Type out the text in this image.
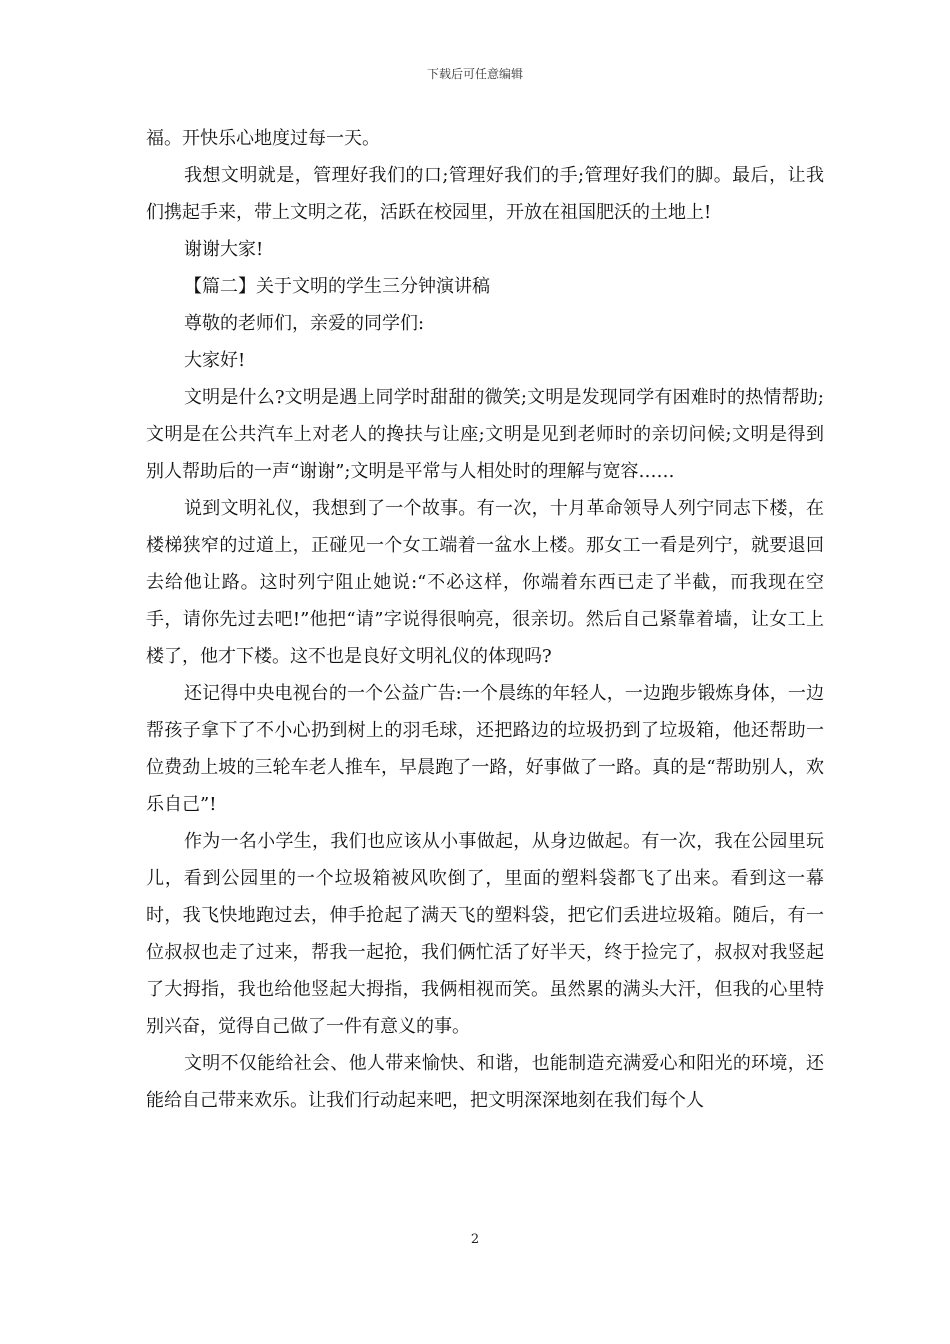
下载后可任意编辑

福。开快乐心地度过每一天。

我想文明就是，管理好我们的口;管理好我们的手;管理好我们的脚。最后，让我们携起手来，带上文明之花，活跃在校园里，开放在祖国肥沃的土地上!

谢谢大家!

【篇二】关于文明的学生三分钟演讲稿

尊敬的老师们，亲爱的同学们:

大家好!

文明是什么?文明是遇上同学时甜甜的微笑;文明是发现同学有困难时的热情帮助;文明是在公共汽车上对老人的搀扶与让座;文明是见到老师时的亲切问候;文明是得到别人帮助后的一声“谢谢”;文明是平常与人相处时的理解与宽容……

说到文明礼仪，我想到了一个故事。有一次，十月革命领导人列宁同志下楼，在楼梯狭窄的过道上，正碰见一个女工端着一盆水上楼。那女工一看是列宁，就要退回去给他让路。这时列宁阻止她说:“不必这样，你端着东西已走了半截，而我现在空手，请你先过去吧!”他把“请”字说得很响亮，很亲切。然后自己紧靠着墙，让女工上楼了，他才下楼。这不也是良好文明礼仪的体现吗?

还记得中央电视台的一个公益广告:一个晨练的年轻人，一边跑步锻炼身体，一边帮孩子拿下了不小心扔到树上的羽毛球，还把路边的垃圾扔到了垃圾箱，他还帮助一位费劲上坡的三轮车老人推车，早晨跑了一路，好事做了一路。真的是“帮助别人，欢乐自己”!

作为一名小学生，我们也应该从小事做起，从身边做起。有一次，我在公园里玩儿，看到公园里的一个垃圾箱被风吹倒了，里面的塑料袋都飞了出来。看到这一幕时，我飞快地跑过去，伸手抢起了满天飞的塑料袋，把它们丢进垃圾箱。随后，有一位叔叔也走了过来，帮我一起抢，我们俩忙活了好半天，终于捡完了，叔叔对我竖起了大拇指，我也给他竖起大拇指，我俩相视而笑。虽然累的满头大汗，但我的心里特别兴奋，觉得自己做了一件有意义的事。

文明不仅能给社会、他人带来愉快、和谐，也能制造充满爱心和阳光的环境，还能给自己带来欢乐。让我们行动起来吧，把文明深深地刻在我们每个人

2
